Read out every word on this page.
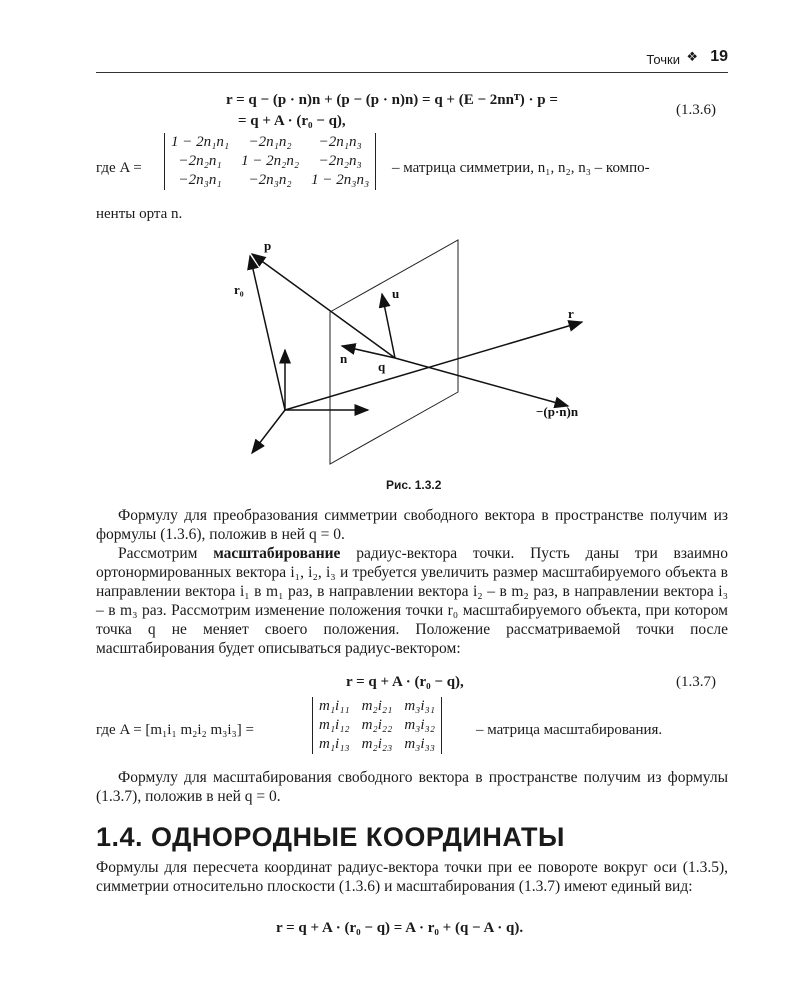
Точки ❖ 19
r = q − (p · n)n + (p − (p · n)n) = q + (E − 2nnᵀ) · p =
= q + A · (r₀ − q),
(1.3.6)
где A =
1 − 2n₁n₁	−2n₁n₂	−2n₁n₃
−2n₂n₁	1 − 2n₂n₂	−2n₂n₃
−2n₃n₁	−2n₃n₂	1 − 2n₃n₃
– матрица симметрии, n₁, n₂, n₃ – компо-
ненты орта n.
p
r₀	u
r
n
q
−(p·n)n
Рис. 1.3.2

Формулу для преобразования симметрии свободного вектора в пространстве получим из формулы (1.3.6), положив в ней q = 0.

Рассмотрим масштабирование радиус-вектора точки. Пусть даны три взаимно ортонормированных вектора i₁, i₂, i₃ и требуется увеличить размер масштабируемого объекта в направлении вектора i₁ в m₁ раз, в направлении вектора i₂ – в m₂ раз, в направлении вектора i₃ – в m₃ раз. Рассмотрим изменение положения точки r₀ масштабируемого объекта, при котором точка q не меняет своего положения. Положение рассматриваемой точки после масштабирования будет описываться радиус-вектором:

r = q + A · (r₀ − q),	(1.3.7)
где A = [m₁i₁ m₂i₂ m₃i₃] =
m₁i₁₁	m₂i₂₁	m₃i₃₁
m₁i₁₂	m₂i₂₂	m₃i₃₂
m₁i₁₃	m₂i₂₃	m₃i₃₃
– матрица масштабирования.

Формулу для масштабирования свободного вектора в пространстве получим из формулы (1.3.7), положив в ней q = 0.

1.4. ОДНОРОДНЫЕ КООРДИНАТЫ

Формулы для пересчета координат радиус-вектора точки при ее повороте вокруг оси (1.3.5), симметрии относительно плоскости (1.3.6) и масштабирования (1.3.7) имеют единый вид:

r = q + A · (r₀ − q) = A · r₀ + (q − A · q).
